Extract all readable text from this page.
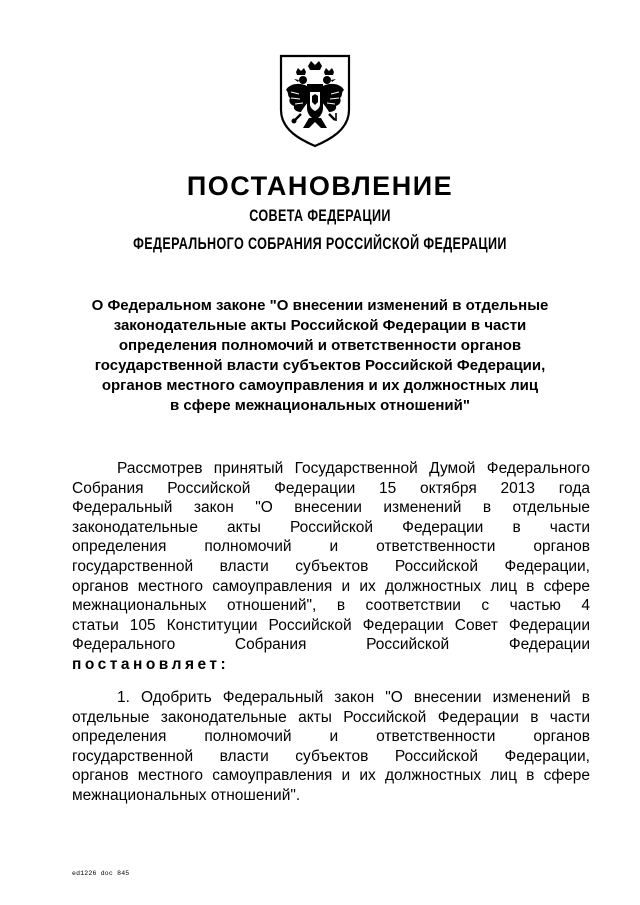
ПОСТАНОВЛЕНИЕ
СОВЕТА ФЕДЕРАЦИИ
ФЕДЕРАЛЬНОГО СОБРАНИЯ РОССИЙСКОЙ ФЕДЕРАЦИИ
О Федеральном законе "О внесении изменений в отдельные
законодательные акты Российской Федерации в части
определения полномочий и ответственности органов
государственной власти субъектов Российской Федерации,
органов местного самоуправления и их должностных лиц
в сфере межнациональных отношений"
Рассмотрев принятый Государственной Думой Федерального
Собрания Российской Федерации 15 октября 2013 года
Федеральный закон "О внесении изменений в отдельные
законодательные акты Российской Федерации в части
определения полномочий и ответственности органов
государственной власти субъектов Российской Федерации,
органов местного самоуправления и их должностных лиц в сфере
межнациональных отношений", в соответствии с частью 4
статьи 105 Конституции Российской Федерации Совет Федерации
Федерального Собрания Российской Федерации
постановляет:
1. Одобрить Федеральный закон "О внесении изменений в
отдельные законодательные акты Российской Федерации в части
определения полномочий и ответственности органов
государственной власти субъектов Российской Федерации,
органов местного самоуправления и их должностных лиц в сфере
межнациональных отношений".
ed1226 doc 845
